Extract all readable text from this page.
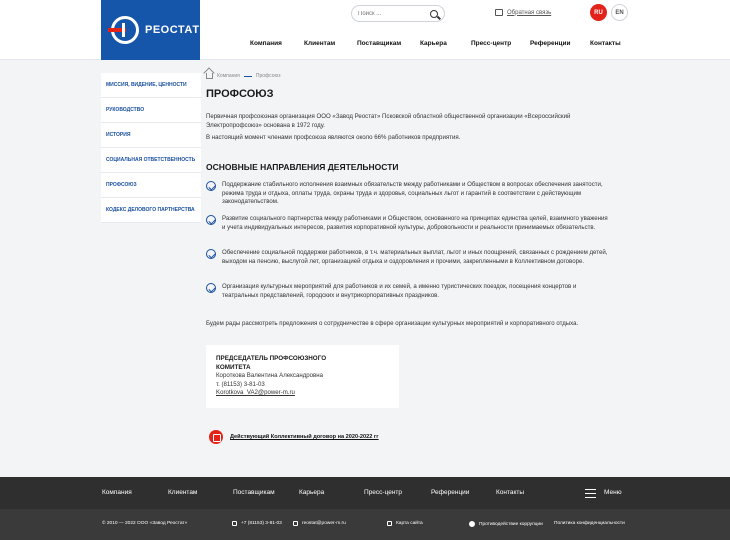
РЕОСТАТ
Поиск ...
Обратная связь	RU	EN
Компания	Клиентам	Поставщикам	Карьера	Пресс-центр	Референции	Контакты
МИССИЯ, ВИДЕНИЕ, ЦЕННОСТИ
РУКОВОДСТВО
ИСТОРИЯ
СОЦИАЛЬНАЯ ОТВЕТСТВЕННОСТЬ
ПРОФСОЮЗ
КОДЕКС ДЕЛОВОГО ПАРТНЕРСТВА
Компания	Профсоюз
ПРОФСОЮЗ

Первичная профсоюзная организация ООО «Завод Реостат» Псковской областной общественной организации «Всероссийский Электропрофсоюз» основана в 1972 году.

В настоящий момент членами профсоюза являются около 66% работников предприятия.

ОСНОВНЫЕ НАПРАВЛЕНИЯ ДЕЯТЕЛЬНОСТИ
Поддержание стабильного исполнения взаимных обязательств между работниками и Обществом в вопросах обеспечения занятости, режима труда и отдыха, оплаты труда, охраны труда и здоровья, социальных льгот и гарантий в соответствии с действующим законодательством.
Развитие социального партнерства между работниками и Обществом, основанного на принципах единства целей, взаимного уважения и учета индивидуальных интересов, развития корпоративной культуры, добровольности и реальности принимаемых обязательств.
Обеспечение социальной поддержки работников, в т.ч. материальных выплат, льгот и иных поощрений, связанных с рождением детей, выходом на пенсию, выслугой лет, организацией отдыха и оздоровления и прочими, закрепленными в Коллективном договоре.
Организация культурных мероприятий для работников и их семей, а именно туристических поездок, посещения концертов и театральных представлений, городских и внутрикорпоративных праздников.

Будем рады рассмотреть предложения о сотрудничестве в сфере организации культурных мероприятий и корпоративного отдыха.

ПРЕДСЕДАТЕЛЬ ПРОФСОЮЗНОГО КОМИТЕТА
Короткова Валентина Александровна
т. (81153) 3-81-03
Korotkova_VA2@power-m.ru
Действующий Коллективный договор на 2020-2022 гг
Компания	Клиентам	Поставщикам	Карьера	Пресс-центр	Референции	Контакты	Меню
© 2010 — 2022 ООО «Завод Реостат»	+7 (81153) 3-81-03	reostat@power-m.ru	Карта сайта	Противодействие коррупции Политика конфиденциальности
